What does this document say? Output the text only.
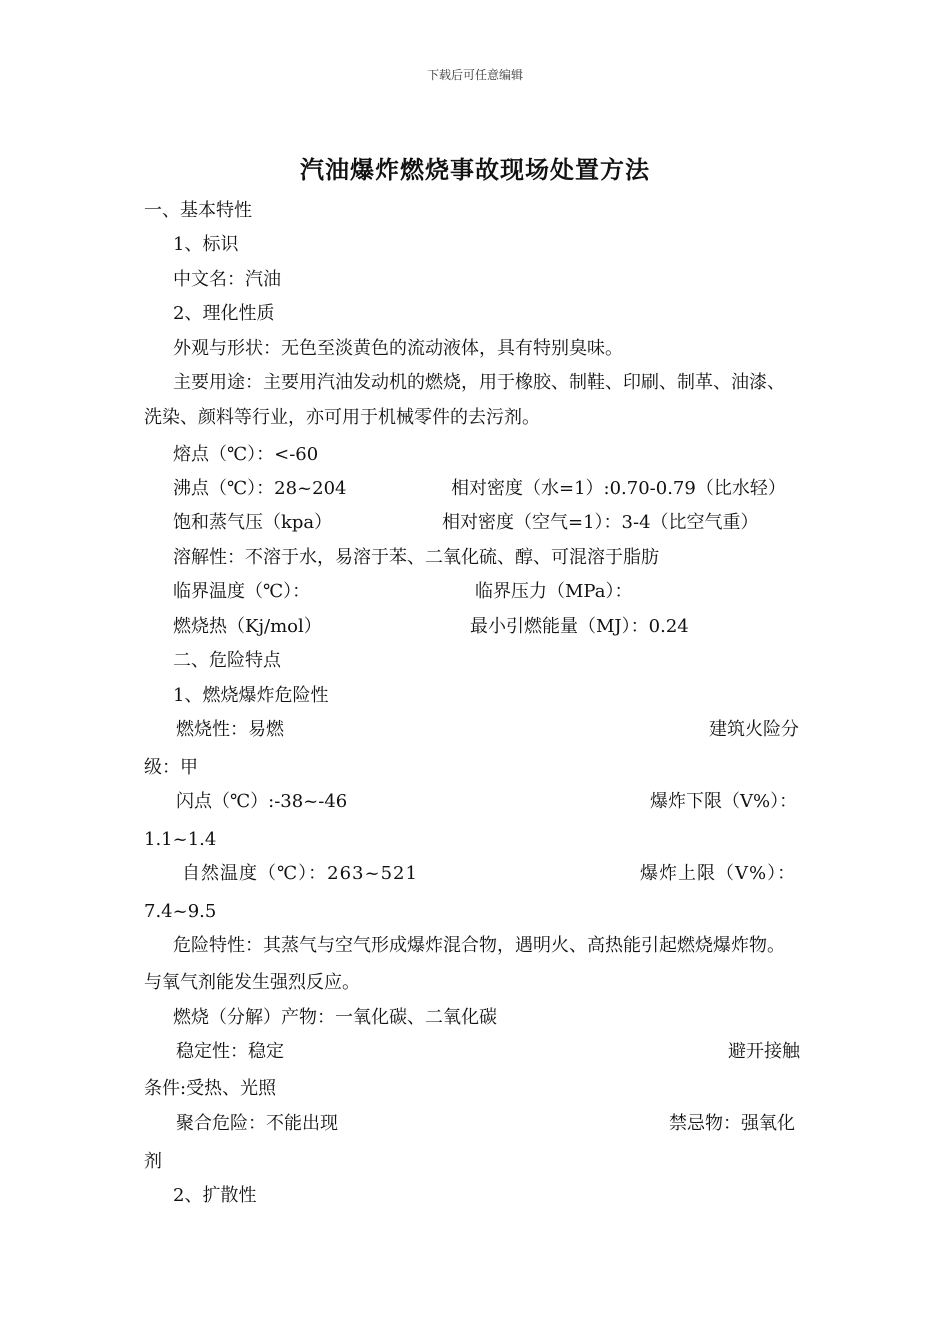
下载后可任意编辑
汽油爆炸燃烧事故现场处置方法
一、基本特性
1、标识
中文名：汽油
2、理化性质
外观与形状：无色至淡黄色的流动液体，具有特别臭味。
主要用途：主要用汽油发动机的燃烧，用于橡胶、制鞋、印刷、制革、油漆、
洗染、颜料等行业，亦可用于机械零件的去污剂。
熔点（℃）：<-60
沸点（℃）：28~204	相对密度（水=1）:0.70-0.79（比水轻）
饱和蒸气压（kpa）	相对密度（空气=1）：3-4（比空气重）
溶解性：不溶于水，易溶于苯、二氧化硫、醇、可混溶于脂肪
临界温度（℃）：	临界压力（MPa）：
燃烧热（Kj/mol）	最小引燃能量（MJ）：0.24
二、危险特点
1、燃烧爆炸危险性
燃烧性：易燃	建筑火险分
级：甲
闪点（℃）:-38~-46	爆炸下限（V%）：
1.1~1.4
自然温度（℃）：263~521	爆炸上限（V%）：
7.4~9.5
危险特性：其蒸气与空气形成爆炸混合物，遇明火、高热能引起燃烧爆炸物。
与氧气剂能发生强烈反应。
燃烧（分解）产物：一氧化碳、二氧化碳
稳定性：稳定	避开接触
条件:受热、光照
聚合危险：不能出现	禁忌物：强氧化
剂
2、扩散性
